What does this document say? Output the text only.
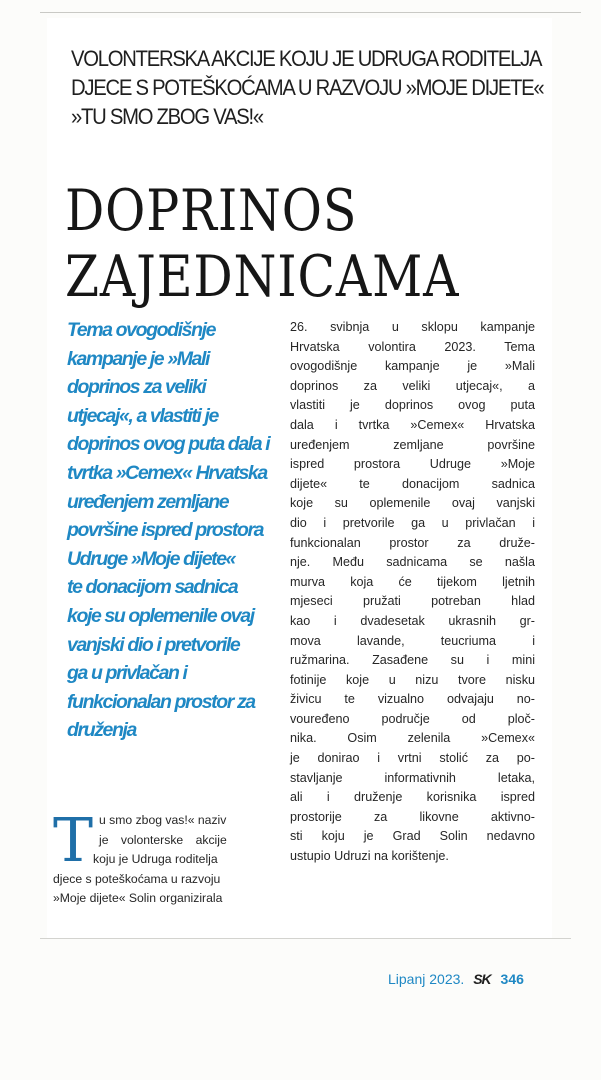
VOLONTERSKA AKCIJE KOJU JE UDRUGA RODITELJA
DJECE S POTEŠKOĆAMA U RAZVOJU »MOJE DIJETE«
»TU SMO ZBOG VAS!«
DOPRINOS
ZAJEDNICAMA
Tema ovogodišnje
kampanje je »Mali
doprinos za veliki
utjecaj«, a vlastiti je
doprinos ovog puta dala i
tvrtka »Cemex« Hrvatska
uređenjem zemljane
površine ispred prostora
Udruge »Moje dijete«
te donacijom sadnica
koje su oplemenile ovaj
vanjski dio i pretvorile
ga u privlačan i
funkcionalan prostor za
druženja
T u smo zbog vas!« naziv
je volonterske akcije
koju je Udruga roditelja
djece s poteškoćama u razvoju
»Moje dijete« Solin organizirala
26. svibnja u sklopu kampanje
Hrvatska volontira 2023. Tema
ovogodišnje kampanje je »Mali
doprinos za veliki utjecaj«, a
vlastiti je doprinos ovog puta
dala i tvrtka »Cemex« Hrvatska
uređenjem zemljane površine
ispred prostora Udruge »Moje
dijete« te donacijom sadnica
koje su oplemenile ovaj vanjski
dio i pretvorile ga u privlačan i
funkcionalan prostor za druže-
nje. Među sadnicama se našla
murva koja će tijekom ljetnih
mjeseci pružati potreban hlad
kao i dvadesetak ukrasnih gr-
mova lavande, teucriuma i
ružmarina. Zasađene su i mini
fotinije koje u nizu tvore nisku
živicu te vizualno odvajaju no-
vouređeno područje od ploč-
nika. Osim zelenila »Cemex«
je donirao i vrtni stolić za po-
stavljanje informativnih letaka,
ali i druženje korisnika ispred
prostorije za likovne aktivno-
sti koju je Grad Solin nedavno
ustupio Udruzi na korištenje.
Lipanj 2023. SK 346
